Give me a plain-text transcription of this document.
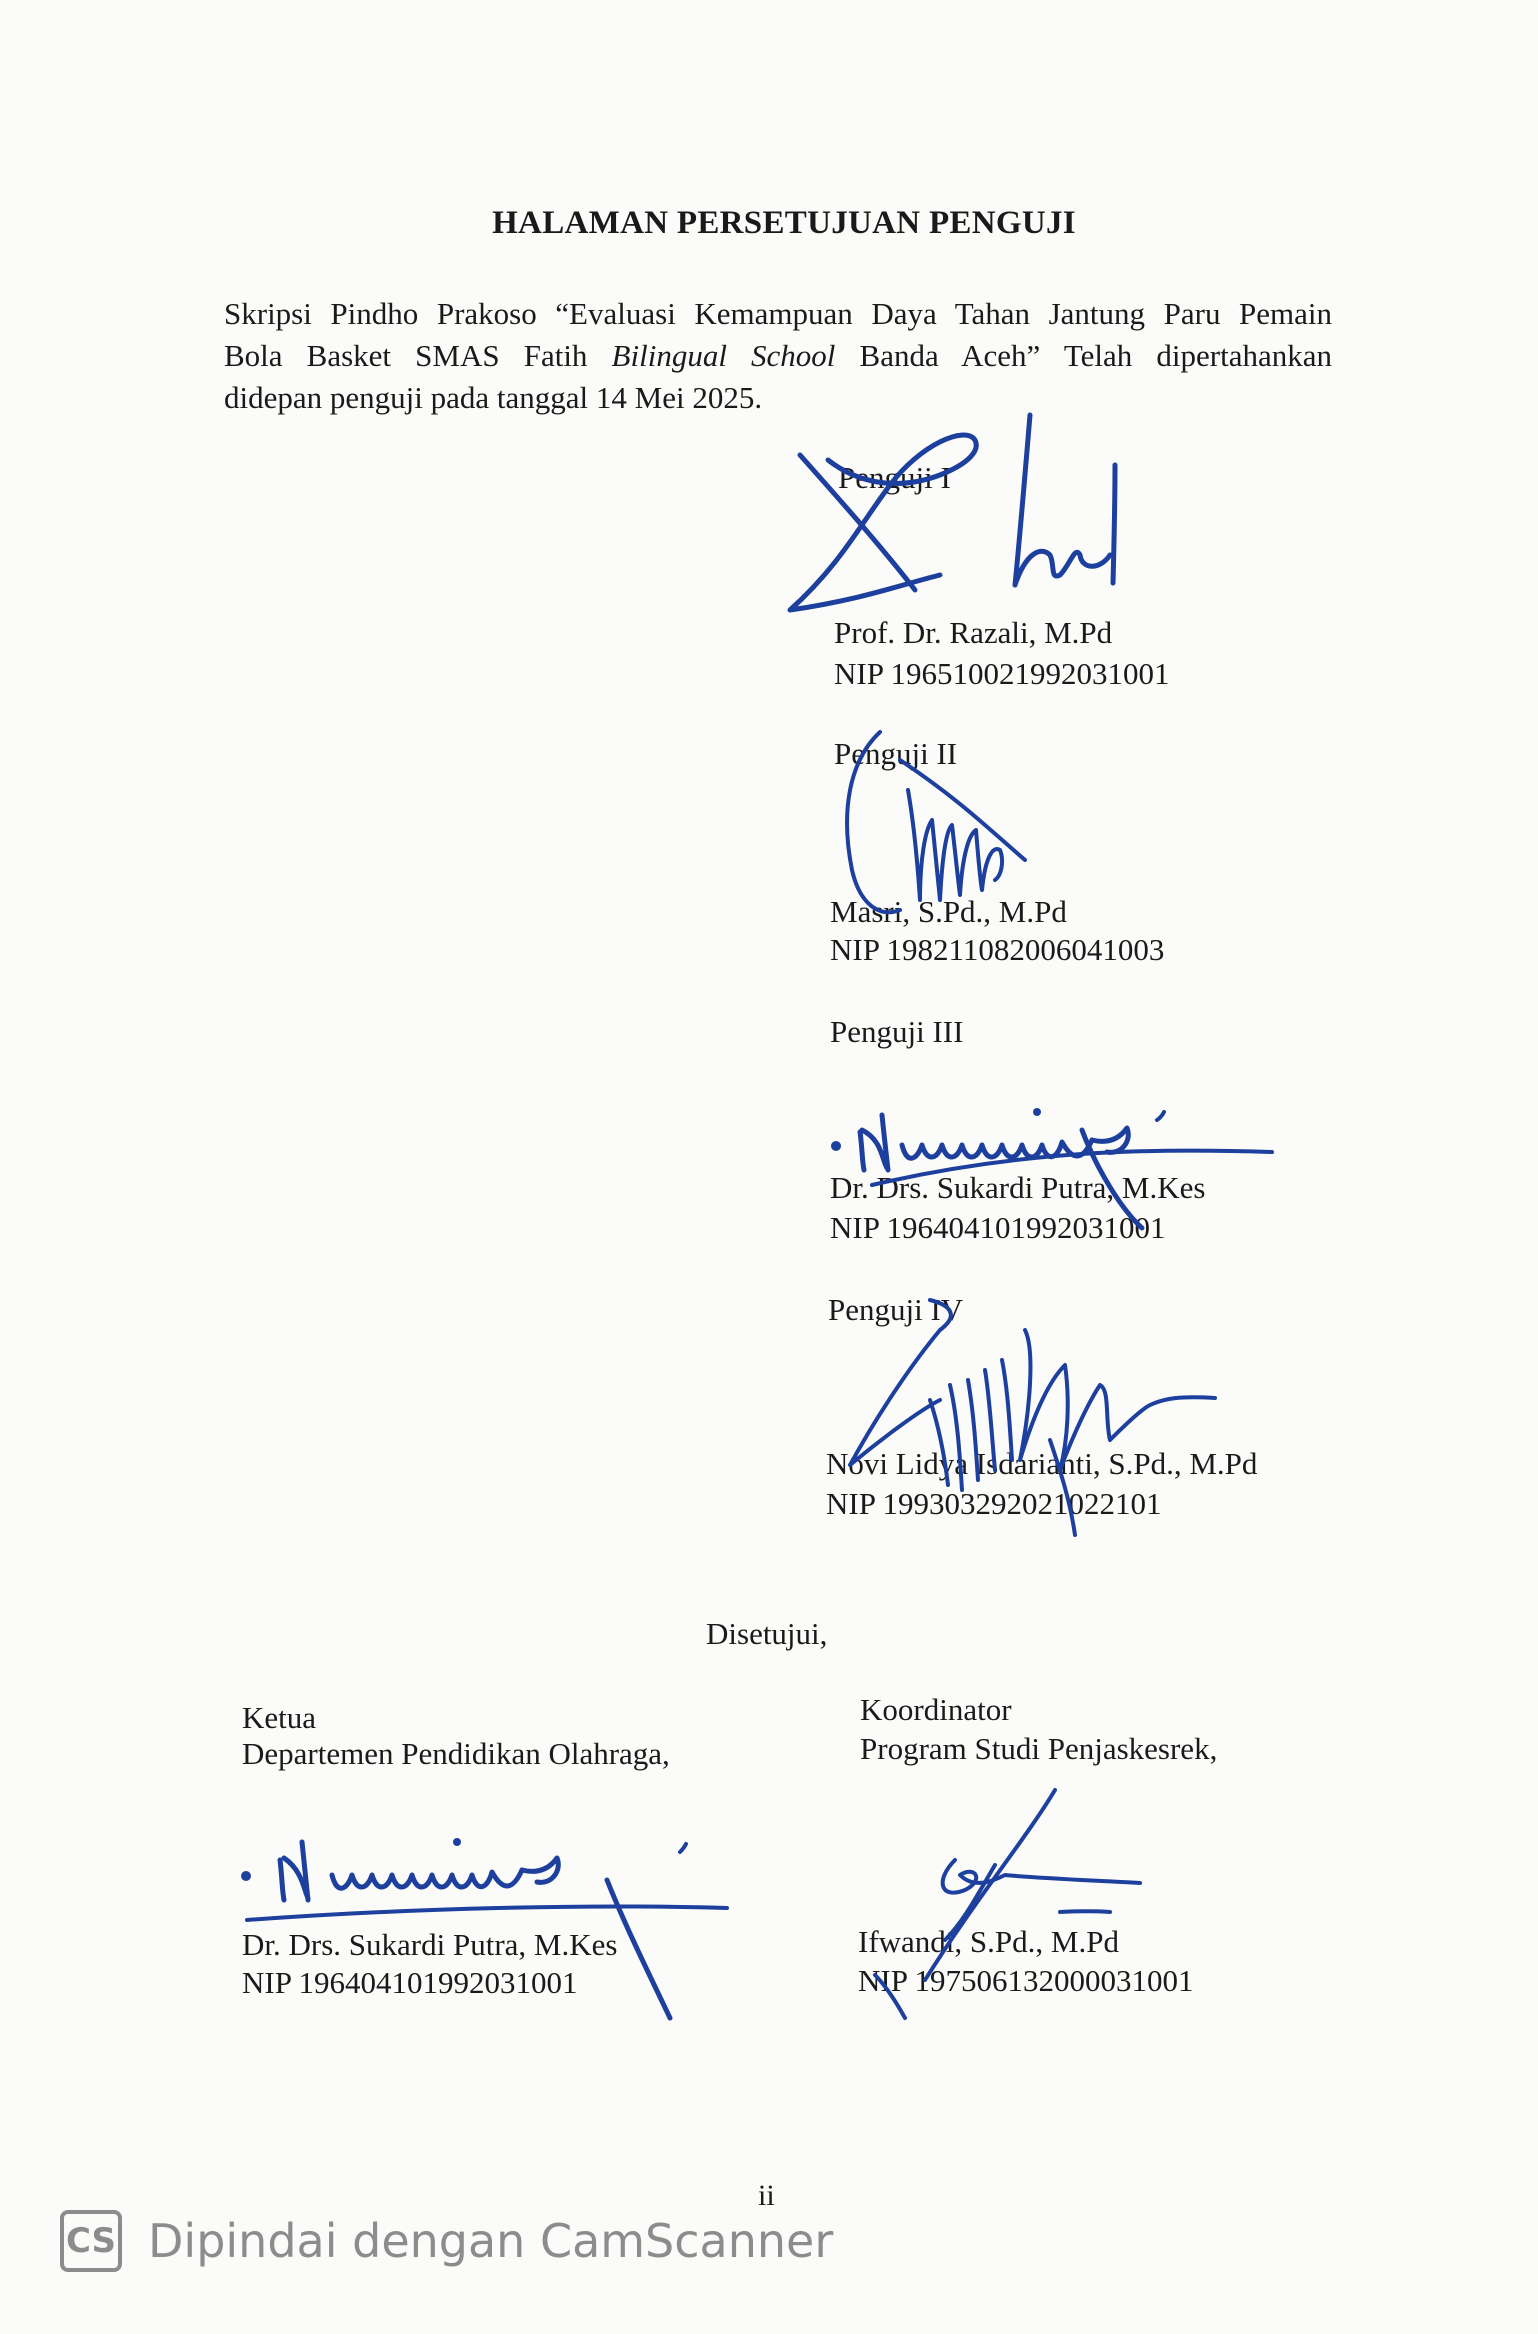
HALAMAN PERSETUJUAN PENGUJI
Skripsi Pindho Prakoso “Evaluasi Kemampuan Daya Tahan Jantung Paru Pemain
Bola Basket SMAS Fatih Bilingual School Banda Aceh” Telah dipertahankan
didepan penguji pada tanggal 14 Mei 2025.
Penguji I
Prof. Dr. Razali, M.Pd
NIP 196510021992031001
Penguji II
Masri, S.Pd., M.Pd
NIP 198211082006041003
Penguji III
Dr. Drs. Sukardi Putra, M.Kes
NIP 196404101992031001
Penguji IV
Novi Lidya Isdarianti, S.Pd., M.Pd
NIP 199303292021022101
Disetujui,
Ketua
Departemen Pendidikan Olahraga,
Dr. Drs. Sukardi Putra, M.Kes
NIP 196404101992031001
Koordinator
Program Studi Penjaskesrek,
Ifwandi, S.Pd., M.Pd
NIP 197506132000031001
ii
CS Dipindai dengan CamScanner
